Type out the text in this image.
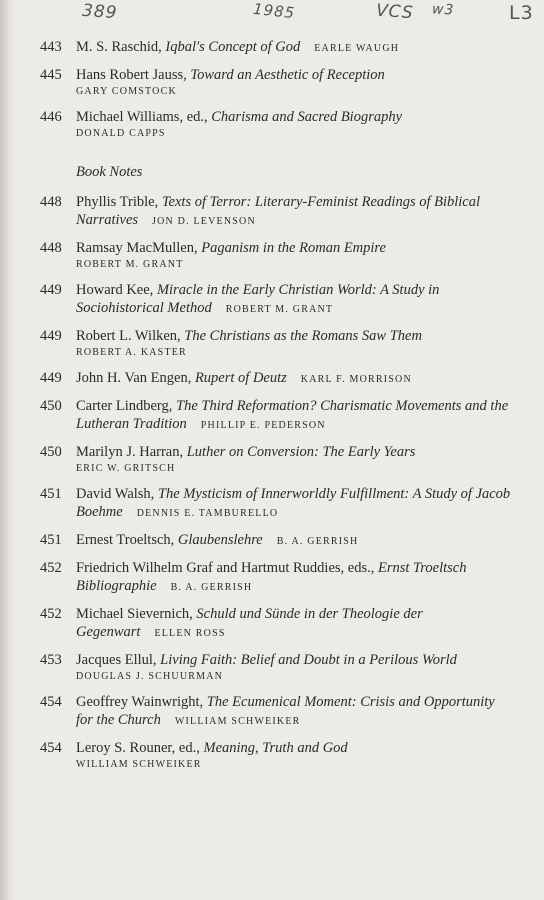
389	1985	VCS w3	L3
443 M. S. Raschid, Iqbal's Concept of God EARLE WAUGH
445 Hans Robert Jauss, Toward an Aesthetic of Reception
GARY COMSTOCK
446 Michael Williams, ed., Charisma and Sacred Biography
DONALD CAPPS
Book Notes
448 Phyllis Trible, Texts of Terror: Literary-Feminist Readings of Biblical Narratives JON D. LEVENSON
448 Ramsay MacMullen, Paganism in the Roman Empire
ROBERT M. GRANT
449 Howard Kee, Miracle in the Early Christian World: A Study in Sociohistorical Method ROBERT M. GRANT
449 Robert L. Wilken, The Christians as the Romans Saw Them
ROBERT A. KASTER
449 John H. Van Engen, Rupert of Deutz KARL F. MORRISON
450 Carter Lindberg, The Third Reformation? Charismatic Movements and the Lutheran Tradition PHILLIP E. PEDERSON
450 Marilyn J. Harran, Luther on Conversion: The Early Years
ERIC W. GRITSCH
451 David Walsh, The Mysticism of Innerworldly Fulfillment: A Study of Jacob Boehme DENNIS E. TAMBURELLO
451 Ernest Troeltsch, Glaubenslehre B. A. GERRISH
452 Friedrich Wilhelm Graf and Hartmut Ruddies, eds., Ernst Troeltsch Bibliographie B. A. GERRISH
452 Michael Sievernich, Schuld und Sünde in der Theologie der Gegenwart ELLEN ROSS
453 Jacques Ellul, Living Faith: Belief and Doubt in a Perilous World
DOUGLAS J. SCHUURMAN
454 Geoffrey Wainwright, The Ecumenical Moment: Crisis and Opportunity for the Church WILLIAM SCHWEIKER
454 Leroy S. Rouner, ed., Meaning, Truth and God
WILLIAM SCHWEIKER
